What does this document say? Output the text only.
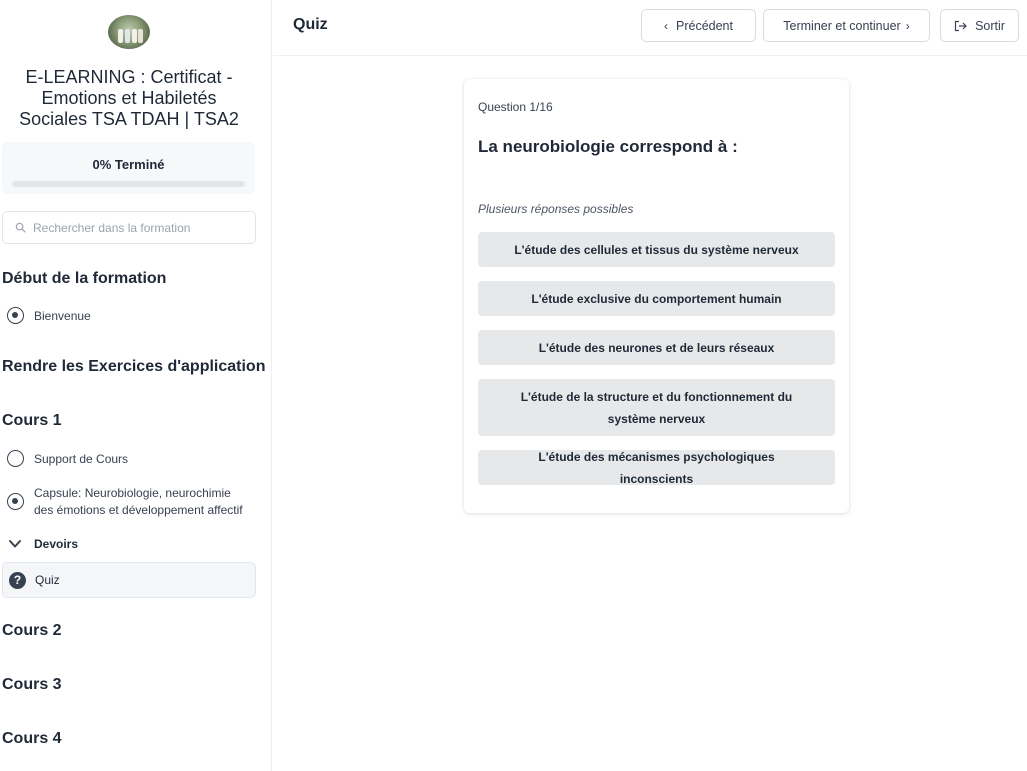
E-LEARNING : Certificat - Emotions et Habiletés Sociales TSA TDAH | TSA2
0% Terminé
Rechercher dans la formation
Début de la formation
Bienvenue
Rendre les Exercices d'application
Cours 1
Support de Cours
Capsule: Neurobiologie, neurochimie des émotions et développement affectif
Devoirs
?	Quiz
Cours 2
Cours 3
Cours 4
Quiz	‹ Précédent	Terminer et continuer ›	Sortir
Question 1/16
La neurobiologie correspond à :
Plusieurs réponses possibles
L'étude des cellules et tissus du système nerveux
L'étude exclusive du comportement humain
L'étude des neurones et de leurs réseaux
L'étude de la structure et du fonctionnement du système nerveux
L'étude des mécanismes psychologiques inconscients
